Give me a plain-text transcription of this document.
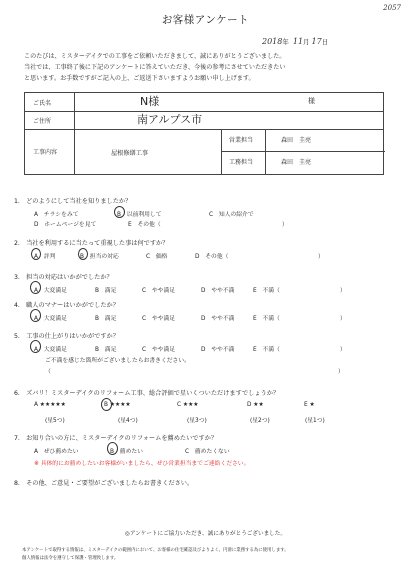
お客様アンケート
2057
2018年 11月 17日
このたびは、ミスターデイクでの工事をご依頼いただきまして、誠にありがとうございました。
当社では、工事終了後に下記のアンケートに答えていただき、今後の参考にさせていただきたい
と思います。お手数ですがご記入の上、ご返送下さいますようお願い申し上げます。
ご氏名	N様	様
ご住所	南アルプス市
工事内容	屋根修繕工事
営業担当	森田　圭亮
工務担当	森田　圭亮
1.　 どのようにして当社を知りましたか？
A　チラシをみて	B　以前利用して	C　知人の紹介で
D　ホームページを見て	E　その他（	）
2.　 当社を利用するに当たって重視した事は何ですか？
A　評判	B　担当の対応	C　価格	D　その他（	）
3.　 担当の対応はいかがでしたか？
A　大変満足	B　満足	C　やや満足	D　やや不満	E　不満（	）
4.　 職人のマナーはいかがでしたか？
A　大変満足	B　満足	C　やや満足	D　やや不満	E　不満（	）
5.　 工事の仕上がりはいかがですか？
A　大変満足	B　満足	C　やや満足	D　やや不満	E　不満（	）
ご不満を感じた箇所がございましたらお書きください。
（	）
6.　 ズバリ！ミスターデイクのリフォーム工事、総合評価で星いくついただけますでしょうか？
A ★★★★★	B ★★★★	C ★★★	D ★★	E ★
(星5つ)	(星4つ)	(星3つ)	(星2つ)	(星1つ)
7.　 お知り合いの方に、ミスターデイクのリフォームを薦めたいですか？
A　ぜひ薦めたい	B　薦めたい	C　薦めたくない
※ 具体的にお薦めしたいお客様がいましたら、ぜひ営業担当までご連絡ください。
8.　 その他、ご意見・ご要望がございましたらお書きください。
◎アンケートにご協力いただき、誠にありがとうございました。
本アンケートで取得する情報は、ミスターデイクの範囲内において、お客様の住宅確認及びよりよく、円滑に業務する為に使用します。
個人情報は法令を遵守して保護・管理致します。
